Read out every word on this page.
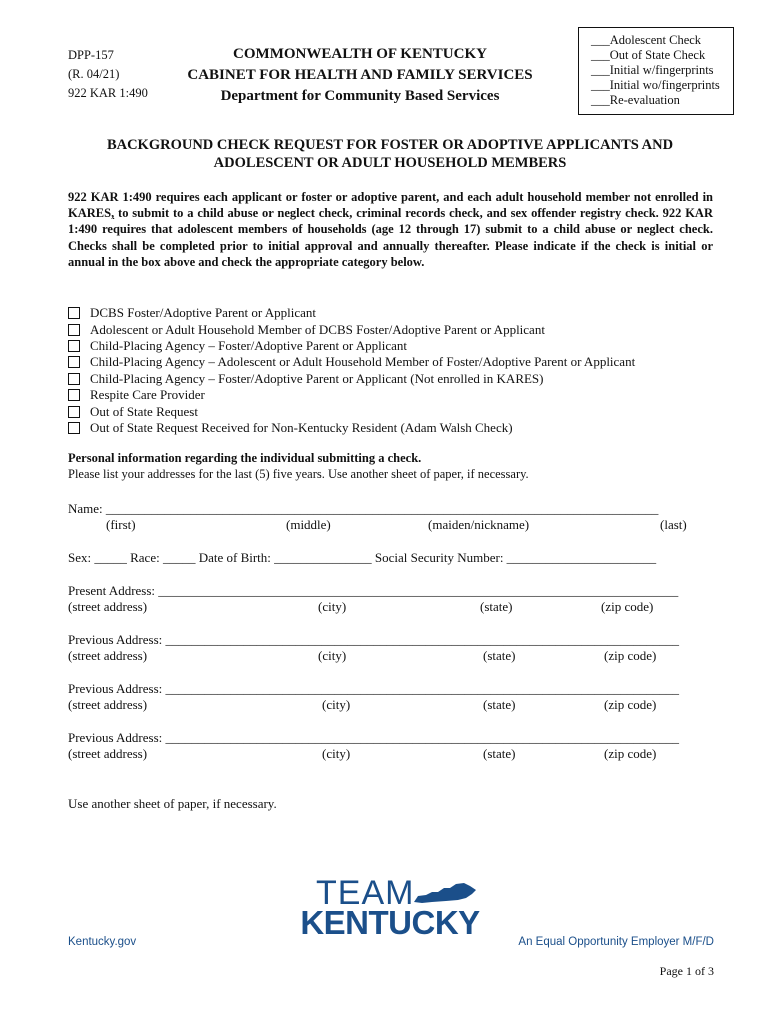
DPP-157
(R. 04/21)
922 KAR 1:490
COMMONWEALTH OF KENTUCKY
CABINET FOR HEALTH AND FAMILY SERVICES
Department for Community Based Services
___Adolescent Check
___Out of State Check
___Initial w/fingerprints
___Initial wo/fingerprints
___Re-evaluation
BACKGROUND CHECK REQUEST FOR FOSTER OR ADOPTIVE APPLICANTS AND
ADOLESCENT OR ADULT HOUSEHOLD MEMBERS
922 KAR 1:490 requires each applicant or foster or adoptive parent, and each adult household member not enrolled in KARES, to submit to a child abuse or neglect check, criminal records check, and sex offender registry check. 922 KAR 1:490 requires that adolescent members of households (age 12 through 17) submit to a child abuse or neglect check. Checks shall be completed prior to initial approval and annually thereafter. Please indicate if the check is initial or annual in the box above and check the appropriate category below.
DCBS Foster/Adoptive Parent or Applicant
Adolescent or Adult Household Member of DCBS Foster/Adoptive Parent or Applicant
Child-Placing Agency – Foster/Adoptive Parent or Applicant
Child-Placing Agency – Adolescent or Adult Household Member of Foster/Adoptive Parent or Applicant
Child-Placing Agency – Foster/Adoptive Parent or Applicant (Not enrolled in KARES)
Respite Care Provider
Out of State Request
Out of State Request Received for Non-Kentucky Resident (Adam Walsh Check)
Personal information regarding the individual submitting a check.
Please list your addresses for the last (5) five years. Use another sheet of paper, if necessary.
Name: _____________________________________________________________________________________
(first)	(middle)	(maiden/nickname)	(last)
Sex: _____ Race: _____ Date of Birth: _______________ Social Security Number: _______________________
Present Address: ________________________________________________________________________________
(street address)	(city)	(state)	(zip code)
Previous Address: _______________________________________________________________________________
(street address)	(city)	(state)	(zip code)
Previous Address: _______________________________________________________________________________
(street address)	(city)	(state)	(zip code)
Previous Address: _______________________________________________________________________________
(street address)	(city)	(state)	(zip code)
Use another sheet of paper, if necessary.
TEAM
KENTUCKY
Kentucky.gov	An Equal Opportunity Employer M/F/D
Page 1 of 3
